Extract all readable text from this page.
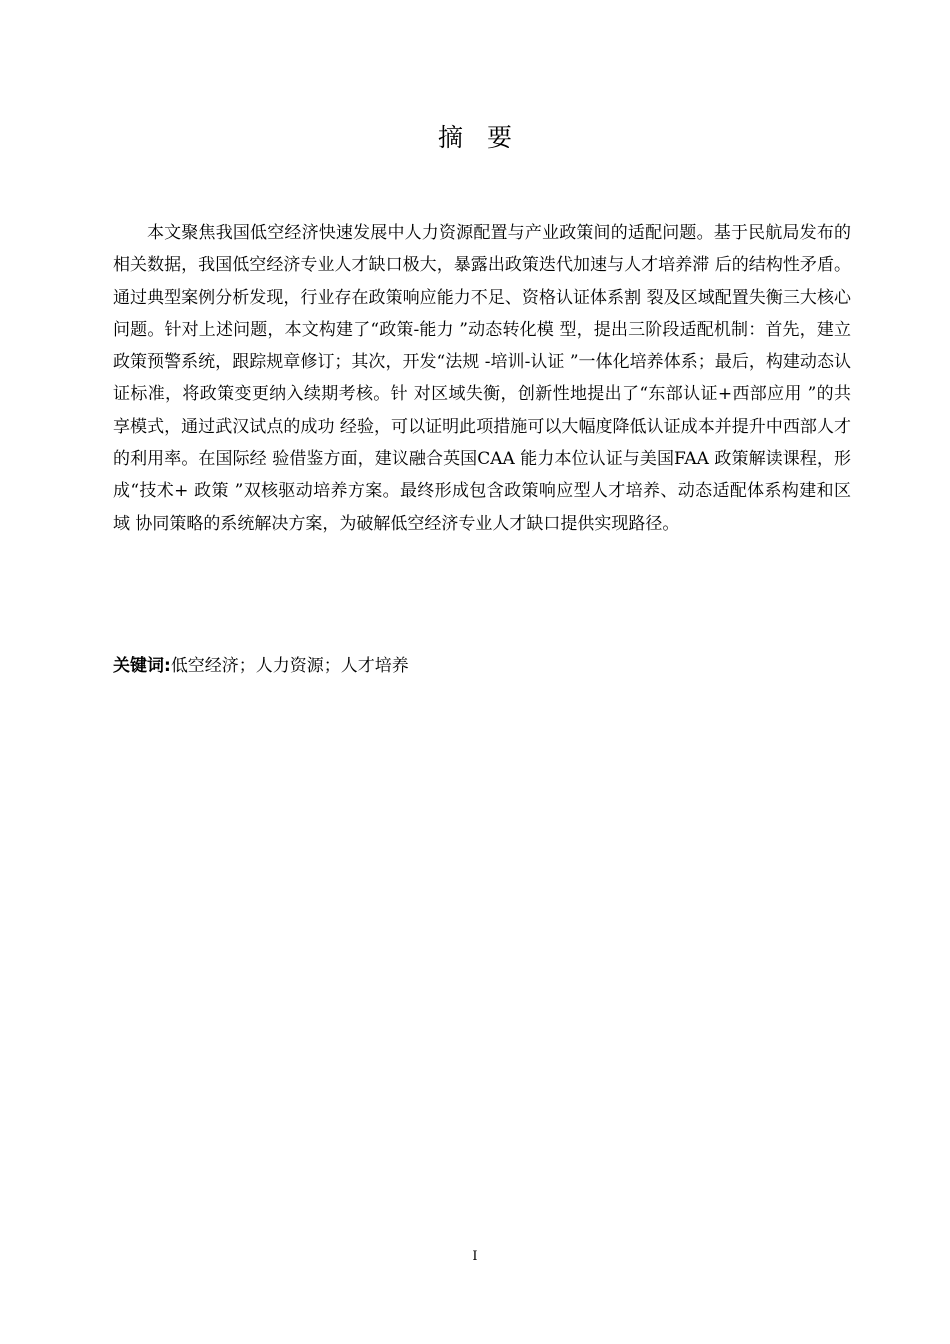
摘要

本文聚焦我国低空经济快速发展中人力资源配置与产业政策间的适配问题。基于民航局发布的相关数据，我国低空经济专业人才缺口极大，暴露出政策迭代加速与人才培养滞 后的结构性矛盾。通过典型案例分析发现，行业存在政策响应能力不足、资格认证体系割 裂及区域配置失衡三大核心问题。针对上述问题，本文构建了“政策-能力 ”动态转化模 型，提出三阶段适配机制：首先，建立政策预警系统，跟踪规章修订；其次，开发“法规 -培训-认证 ”一体化培养体系；最后，构建动态认证标准，将政策变更纳入续期考核。针 对区域失衡，创新性地提出了“东部认证+西部应用 ”的共享模式，通过武汉试点的成功 经验，可以证明此项措施可以大幅度降低认证成本并提升中西部人才的利用率。在国际经 验借鉴方面，建议融合英国CAA 能力本位认证与美国FAA 政策解读课程，形成“技术+ 政策 ”双核驱动培养方案。最终形成包含政策响应型人才培养、动态适配体系构建和区域 协同策略的系统解决方案，为破解低空经济专业人才缺口提供实现路径。

关键词:低空经济；人力资源；人才培养
I
